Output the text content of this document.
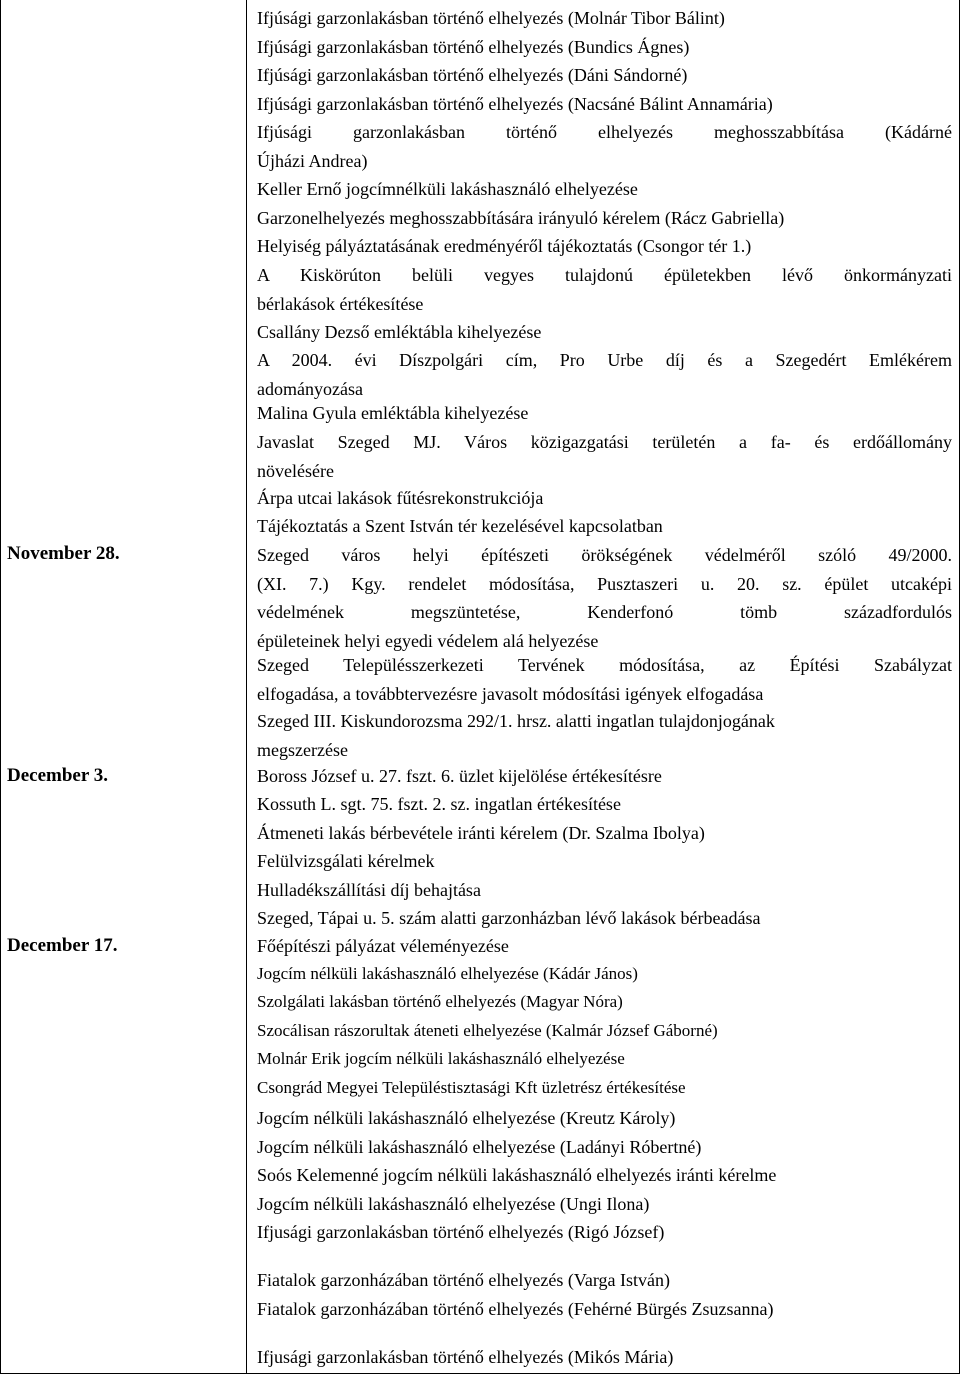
November 28.
December 3.
December 17.
Ifjúsági garzonlakásban történő elhelyezés (Molnár Tibor Bálint)
Ifjúsági garzonlakásban történő elhelyezés (Bundics Ágnes)
Ifjúsági garzonlakásban történő elhelyezés (Dáni Sándorné)
Ifjúsági garzonlakásban történő elhelyezés (Nacsáné Bálint Annamária)
Ifjúsági garzonlakásban történő elhelyezés meghosszabbítása (Kádárné
Újházi Andrea)
Keller Ernő jogcímnélküli lakáshasználó elhelyezése
Garzonelhelyezés meghosszabbítására irányuló kérelem (Rácz Gabriella)
Helyiség pályáztatásának eredményéről tájékoztatás (Csongor tér 1.)
A Kiskörúton belüli vegyes tulajdonú épületekben lévő önkormányzati
bérlakások értékesítése
Csallány Dezső emléktábla kihelyezése
A 2004. évi Díszpolgári cím, Pro Urbe díj és a Szegedért Emlékérem
adományozása
Malina Gyula emléktábla kihelyezése
Javaslat Szeged MJ. Város közigazgatási területén a fa- és erdőállomány
növelésére
Árpa utcai lakások fűtésrekonstrukciója
Tájékoztatás a Szent István tér kezelésével kapcsolatban
Szeged város helyi építészeti örökségének védelméről szóló 49/2000.
(XI. 7.) Kgy. rendelet módosítása, Pusztaszeri u. 20. sz. épület utcaképi
védelmének megszüntetése, Kenderfonó tömb századfordulós
épületeinek helyi egyedi védelem alá helyezése
Szeged Településszerkezeti Tervének módosítása, az Építési Szabályzat
elfogadása, a továbbtervezésre javasolt módosítási igények elfogadása
Szeged III. Kiskundorozsma 292/1. hrsz. alatti ingatlan tulajdonjogának
megszerzése
Boross József u. 27. fszt. 6. üzlet kijelölése értékesítésre
Kossuth L. sgt. 75. fszt. 2. sz. ingatlan értékesítése
Átmeneti lakás bérbevétele iránti kérelem (Dr. Szalma Ibolya)
Felülvizsgálati kérelmek
Hulladékszállítási díj behajtása
Szeged, Tápai u. 5. szám alatti garzonházban lévő lakások bérbeadása
Főépítészi pályázat véleményezése
Jogcím nélküli lakáshasználó elhelyezése (Kádár János)
Szolgálati lakásban történő elhelyezés (Magyar Nóra)
Szocálisan rászorultak áteneti elhelyezése (Kalmár József Gáborné)
Molnár Erik jogcím nélküli lakáshasználó elhelyezése
Csongrád Megyei Településtisztasági Kft üzletrész értékesítése
Jogcím nélküli lakáshasználó elhelyezése (Kreutz Károly)
Jogcím nélküli lakáshasználó elhelyezése (Ladányi Róbertné)
Soós Kelemenné jogcím nélküli lakáshasználó elhelyezés iránti kérelme
Jogcím nélküli lakáshasználó elhelyezése (Ungi Ilona)
Ifjusági garzonlakásban történő elhelyezés (Rigó József)
Fiatalok garzonházában történő elhelyezés (Varga István)
Fiatalok garzonházában történő elhelyezés (Fehérné Bürgés Zsuzsanna)
Ifjusági garzonlakásban történő elhelyezés (Mikós Mária)
